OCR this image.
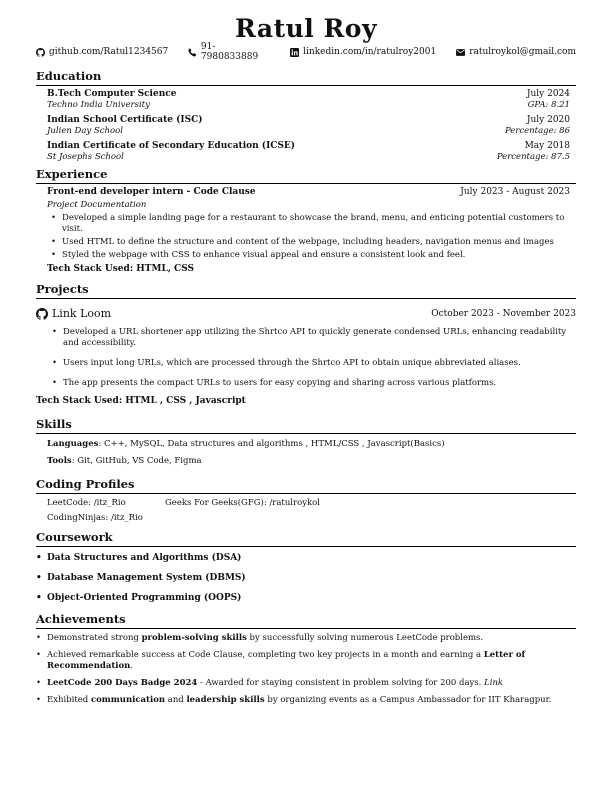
Ratul Roy
github.com/Ratul1234567	91-7980833889	linkedin.com/in/ratulroy2001	ratulroykol@gmail.com
Education
B.Tech Computer Science	July 2024
Techno India University	GPA: 8.21
Indian School Certificate (ISC)	July 2020
Julien Day School	Percentage: 86
Indian Certificate of Secondary Education (ICSE)	May 2018
St Josephs School	Percentage: 87.5
Experience
Front-end developer intern - Code Clause	July 2023 - August 2023
Project Documentation
• Developed a simple landing page for a restaurant to showcase the brand, menu, and enticing potential customers to visit.
• Used HTML to define the structure and content of the webpage, including headers, navigation menus and images
• Styled the webpage with CSS to enhance visual appeal and ensure a consistent look and feel.
Tech Stack Used: HTML, CSS
Projects
Link Loom	October 2023 - November 2023
• Developed a URL shortener app utilizing the Shrtco API to quickly generate condensed URLs, enhancing readability and accessibility.
• Users input long URLs, which are processed through the Shrtco API to obtain unique abbreviated aliases.
• The app presents the compact URLs to users for easy copying and sharing across various platforms.
Tech Stack Used: HTML , CSS , Javascript
Skills
Languages: C++, MySQL, Data structures and algorithms , HTML/CSS , Javascript(Basics)
Tools: Git, GitHub, VS Code, Figma
Coding Profiles
LeetCode: /itz_Rio	Geeks For Geeks(GFG): /ratulroykol
CodingNinjas: /itz_Rio
Coursework
• Data Structures and Algorithms (DSA)
• Database Management System (DBMS)
• Object-Oriented Programming (OOPS)
Achievements
• Demonstrated strong problem-solving skills by successfully solving numerous LeetCode problems.
• Achieved remarkable success at Code Clause, completing two key projects in a month and earning a Letter of Recommendation.
• LeetCode 200 Days Badge 2024 - Awarded for staying consistent in problem solving for 200 days. Link
• Exhibited communication and leadership skills by organizing events as a Campus Ambassador for IIT Kharagpur.
